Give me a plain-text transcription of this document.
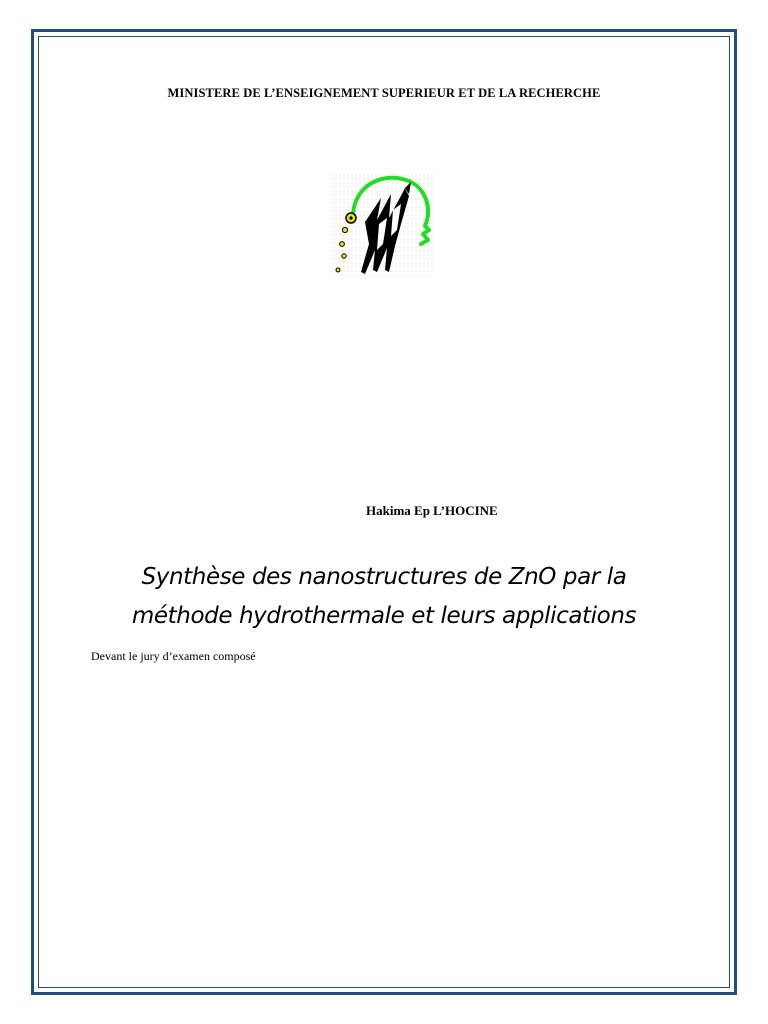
MINISTERE DE L’ENSEIGNEMENT SUPERIEUR ET DE LA RECHERCHE
Hakima Ep L’HOCINE
Synthèse des nanostructures de ZnO par la
méthode hydrothermale et leurs applications
Devant le jury d’examen composé
